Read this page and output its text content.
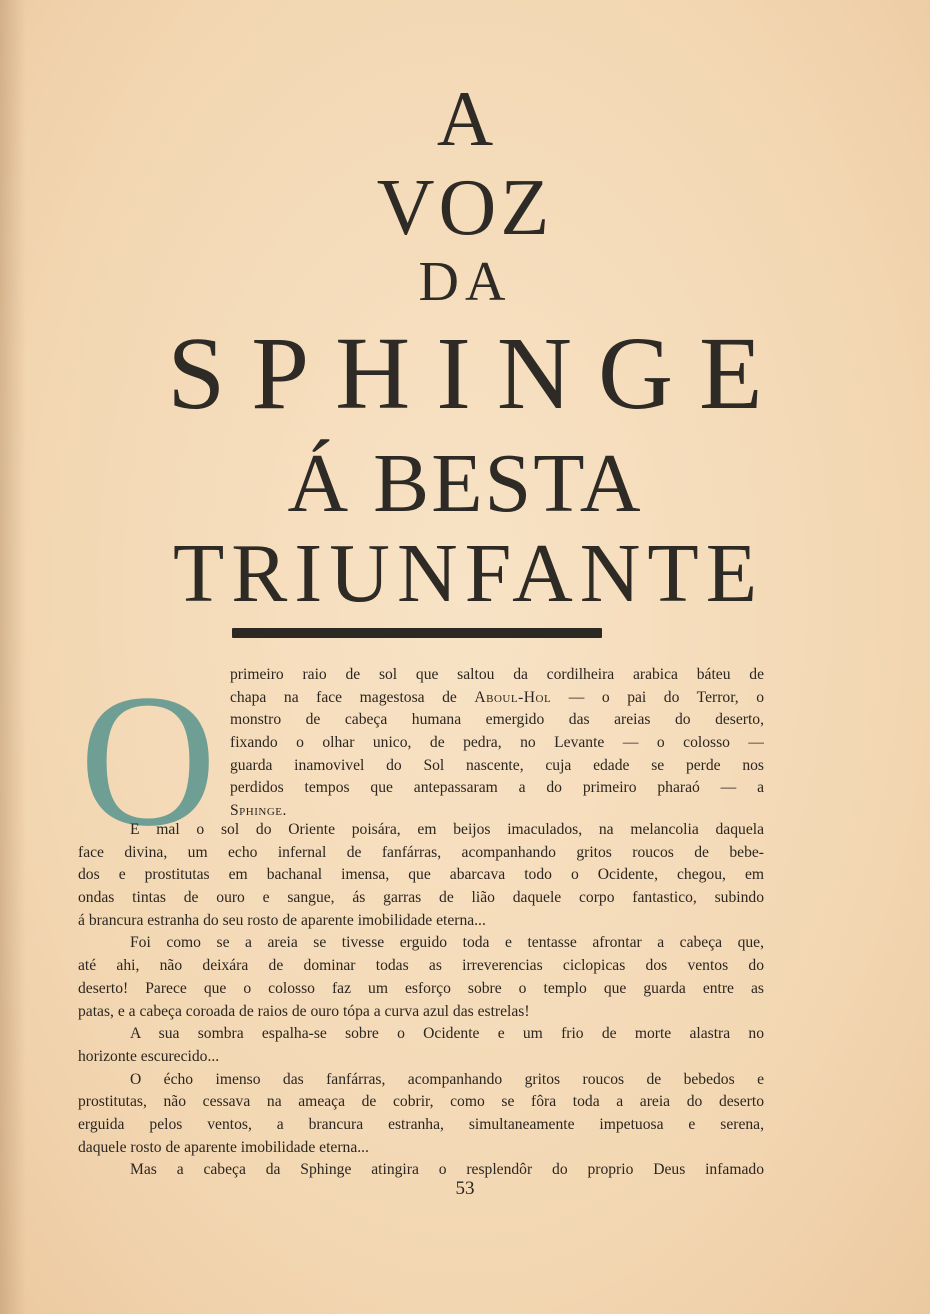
A
VOZ
DA
SPHINGE
Á BESTA
TRIUNFANTE
O primeiro raio de sol que saltou da cordilheira arabica báteu de
chapa na face magestosa de Aboul-Hol — o pai do Terror, o
monstro de cabeça humana emergido das areias do deserto,
fixando o olhar unico, de pedra, no Levante — o colosso —
guarda inamovivel do Sol nascente, cuja edade se perde nos
perdidos tempos que antepassaram a do primeiro pharaó — a
Sphinge.
E mal o sol do Oriente poisára, em beijos imaculados, na melancolia daquela
face divina, um echo infernal de fanfárras, acompanhando gritos roucos de bebe-
dos e prostitutas em bachanal imensa, que abarcava todo o Ocidente, chegou, em
ondas tintas de ouro e sangue, ás garras de lião daquele corpo fantastico, subindo
á brancura estranha do seu rosto de aparente imobilidade eterna...
Foi como se a areia se tivesse erguido toda e tentasse afrontar a cabeça que,
até ahi, não deixára de dominar todas as irreverencias ciclopicas dos ventos do
deserto! Parece que o colosso faz um esforço sobre o templo que guarda entre as
patas, e a cabeça coroada de raios de ouro tópa a curva azul das estrelas!
A sua sombra espalha-se sobre o Ocidente e um frio de morte alastra no
horizonte escurecido...
O écho imenso das fanfárras, acompanhando gritos roucos de bebedos e
prostitutas, não cessava na ameaça de cobrir, como se fôra toda a areia do deserto
erguida pelos ventos, a brancura estranha, simultaneamente impetuosa e serena,
daquele rosto de aparente imobilidade eterna...
Mas a cabeça da Sphinge atingira o resplendôr do proprio Deus infamado
53
